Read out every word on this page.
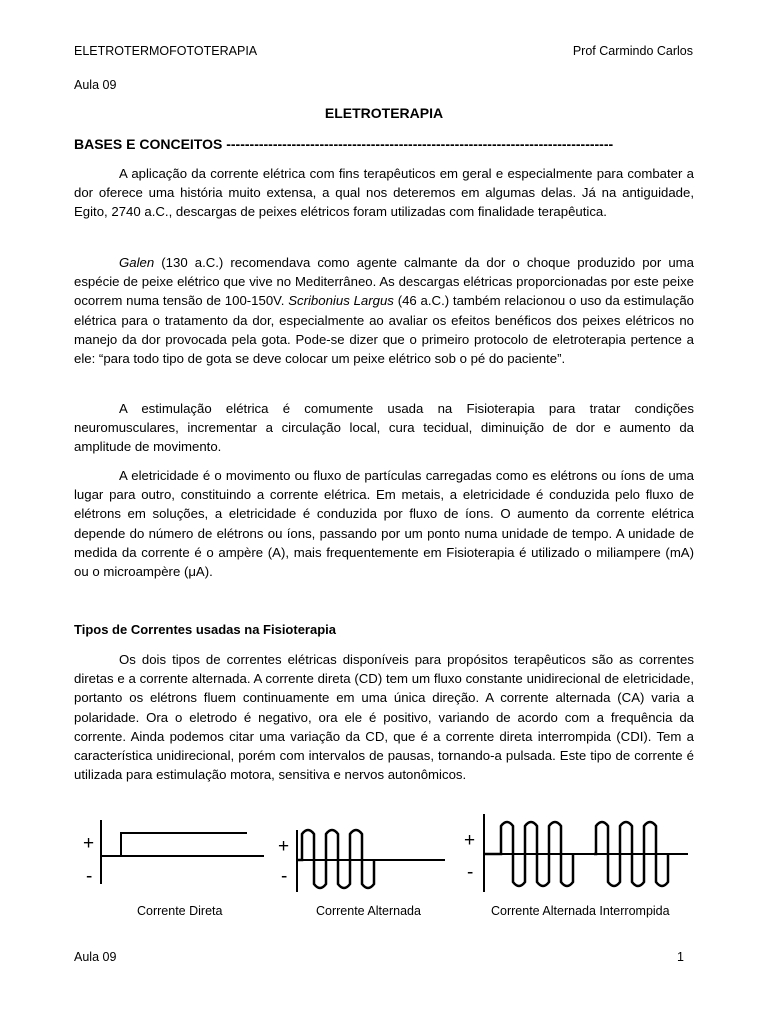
ELETROTERMOFOTOTERAPIA	Prof Carmindo Carlos
Aula 09
ELETROTERAPIA
BASES E CONCEITOS -----------------------------------------------------------------------------------

A aplicação da corrente elétrica com fins terapêuticos em geral e especialmente para combater a dor oferece uma história muito extensa, a qual nos deteremos em algumas delas. Já na antiguidade, Egito, 2740 a.C., descargas de peixes elétricos foram utilizadas com finalidade terapêutica.

Galen (130 a.C.) recomendava como agente calmante da dor o choque produzido por uma espécie de peixe elétrico que vive no Mediterrâneo. As descargas elétricas proporcionadas por este peixe ocorrem numa tensão de 100-150V. Scribonius Largus (46 a.C.) também relacionou o uso da estimulação elétrica para o tratamento da dor, especialmente ao avaliar os efeitos benéficos dos peixes elétricos no manejo da dor provocada pela gota. Pode-se dizer que o primeiro protocolo de eletroterapia pertence a ele: “para todo tipo de gota se deve colocar um peixe elétrico sob o pé do paciente”.

A estimulação elétrica é comumente usada na Fisioterapia para tratar condições neuromusculares, incrementar a circulação local, cura tecidual, diminuição de dor e aumento da amplitude de movimento.

A eletricidade é o movimento ou fluxo de partículas carregadas como es elétrons ou íons de uma lugar para outro, constituindo a corrente elétrica. Em metais, a eletricidade é conduzida pelo fluxo de elétrons em soluções, a eletricidade é conduzida por fluxo de íons. O aumento da corrente elétrica depende do número de elétrons ou íons, passando por um ponto numa unidade de tempo. A unidade de medida da corrente é o ampère (A), mais frequentemente em Fisioterapia é utilizado o miliampere (mA) ou o microampère (μA).

Tipos de Correntes usadas na Fisioterapia

Os dois tipos de correntes elétricas disponíveis para propósitos terapêuticos são as correntes diretas e a corrente alternada. A corrente direta (CD) tem um fluxo constante unidirecional de eletricidade, portanto os elétrons fluem continuamente em uma única direção. A corrente alternada (CA) varia a polaridade. Ora o eletrodo é negativo, ora ele é positivo, variando de acordo com a frequência da corrente. Ainda podemos citar uma variação da CD, que é a corrente direta interrompida (CDI). Tem a característica unidirecional, porém com intervalos de pausas, tornando-a pulsada. Este tipo de corrente é utilizada para estimulação motora, sensitiva e nervos autonômicos.

+
-
+
-
+
-
Corrente Direta	Corrente Alternada	Corrente Alternada Interrompida
Aula 09	1
